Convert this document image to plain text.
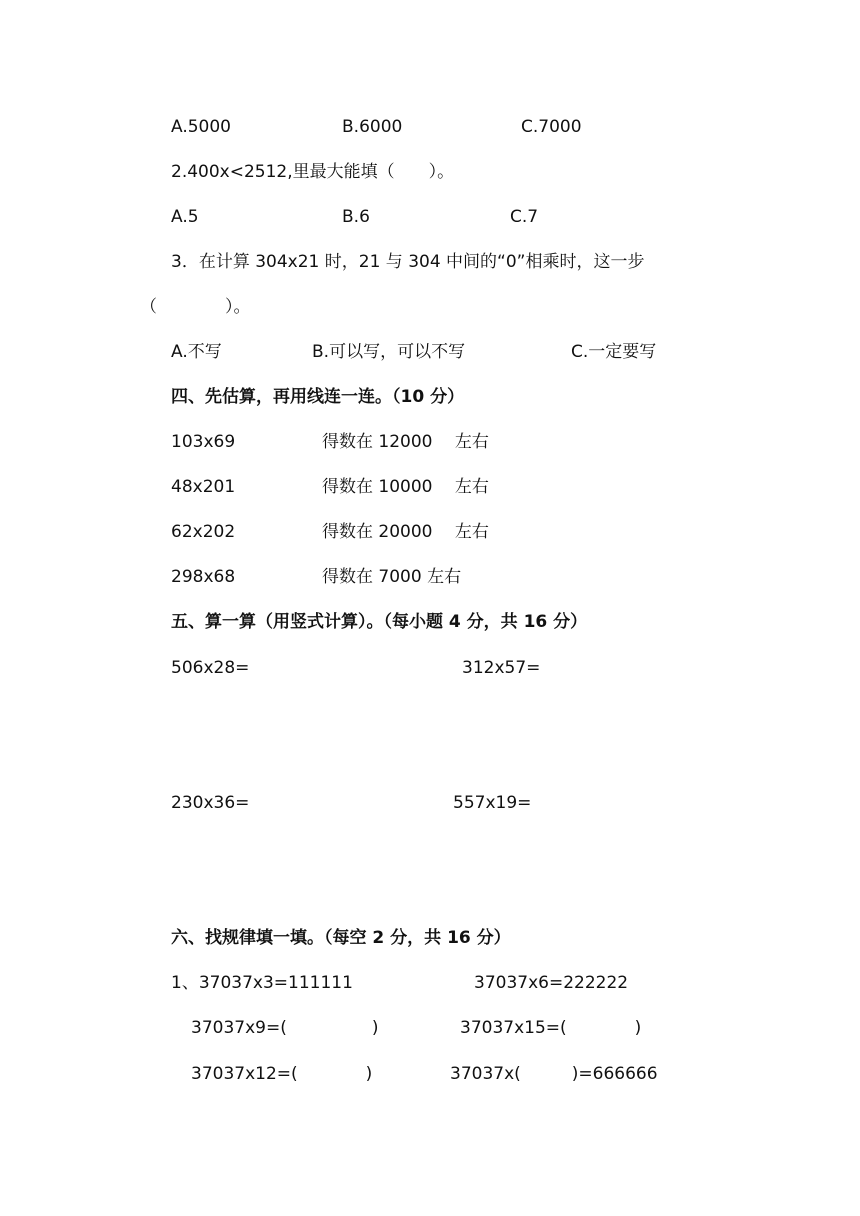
A.5000	B.6000	C.7000
2.400x<2512,里最大能填（　　）。
A.5	B.6	C.7
3．在计算 304x21 时，21 与 304 中间的“0”相乘时，这一步
（　　　　）。
A.不写	B.可以写，可以不写	C.一定要写
四、先估算，再用线连一连。（10 分）
103x69	得数在 12000　 左右
48x201	得数在 10000　 左右
62x202	得数在 20000　 左右
298x68	得数在 7000 左右
五、算一算（用竖式计算）。（每小题 4 分，共 16 分）
506x28=	312x57=
230x36=	557x19=
六、找规律填一填。（每空 2 分，共 16 分）
1、37037x3=111111	37037x6=222222
37037x9=(　　　　　)	37037x15=(　　　　)
37037x12=(　　　　)	37037x(　　　)=666666
